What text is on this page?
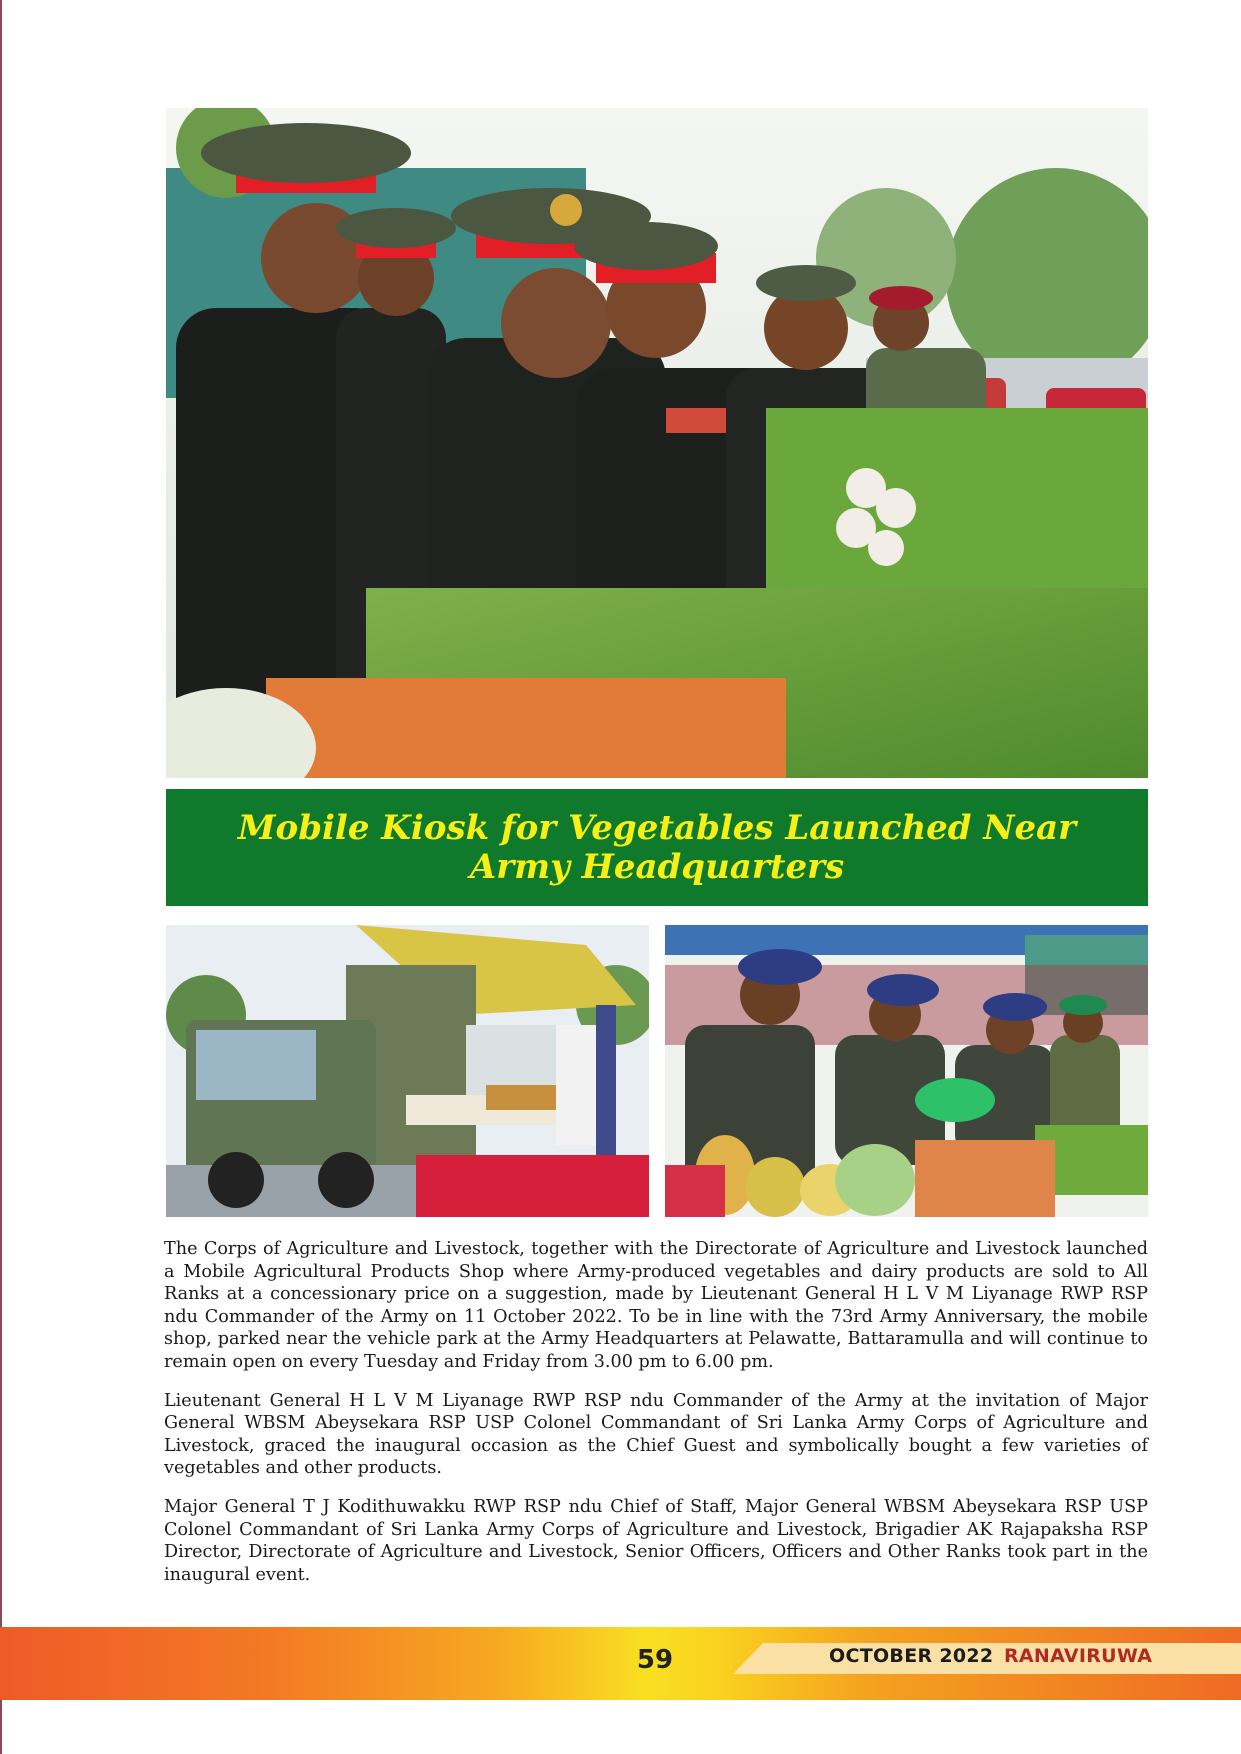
Mobile Kiosk for Vegetables Launched Near Army Headquarters

The Corps of Agriculture and Livestock, together with the Directorate of Agriculture and Livestock launched a Mobile Agricultural Products Shop where Army-produced vegetables and dairy products are sold to All Ranks at a concessionary price on a suggestion, made by Lieutenant General H L V M Liyanage RWP RSP ndu Commander of the Army on 11 October 2022. To be in line with the 73rd Army Anniversary, the mobile shop, parked near the vehicle park at the Army Headquarters at Pelawatte, Battaramulla and will continue to remain open on every Tuesday and Friday from 3.00 pm to 6.00 pm.

Lieutenant General H L V M Liyanage RWP RSP ndu Commander of the Army at the invitation of Major General WBSM Abeysekara RSP USP Colonel Commandant of Sri Lanka Army Corps of Agriculture and Livestock, graced the inaugural occasion as the Chief Guest and symbolically bought a few varieties of vegetables and other products.

Major General T J Kodithuwakku RWP RSP ndu Chief of Staff, Major General WBSM Abeysekara RSP USP Colonel Commandant of Sri Lanka Army Corps of Agriculture and Livestock, Brigadier AK Rajapaksha RSP Director, Directorate of Agriculture and Livestock, Senior Officers, Officers and Other Ranks took part in the inaugural event.

59	OCTOBER 2022 RANAVIRUWA
